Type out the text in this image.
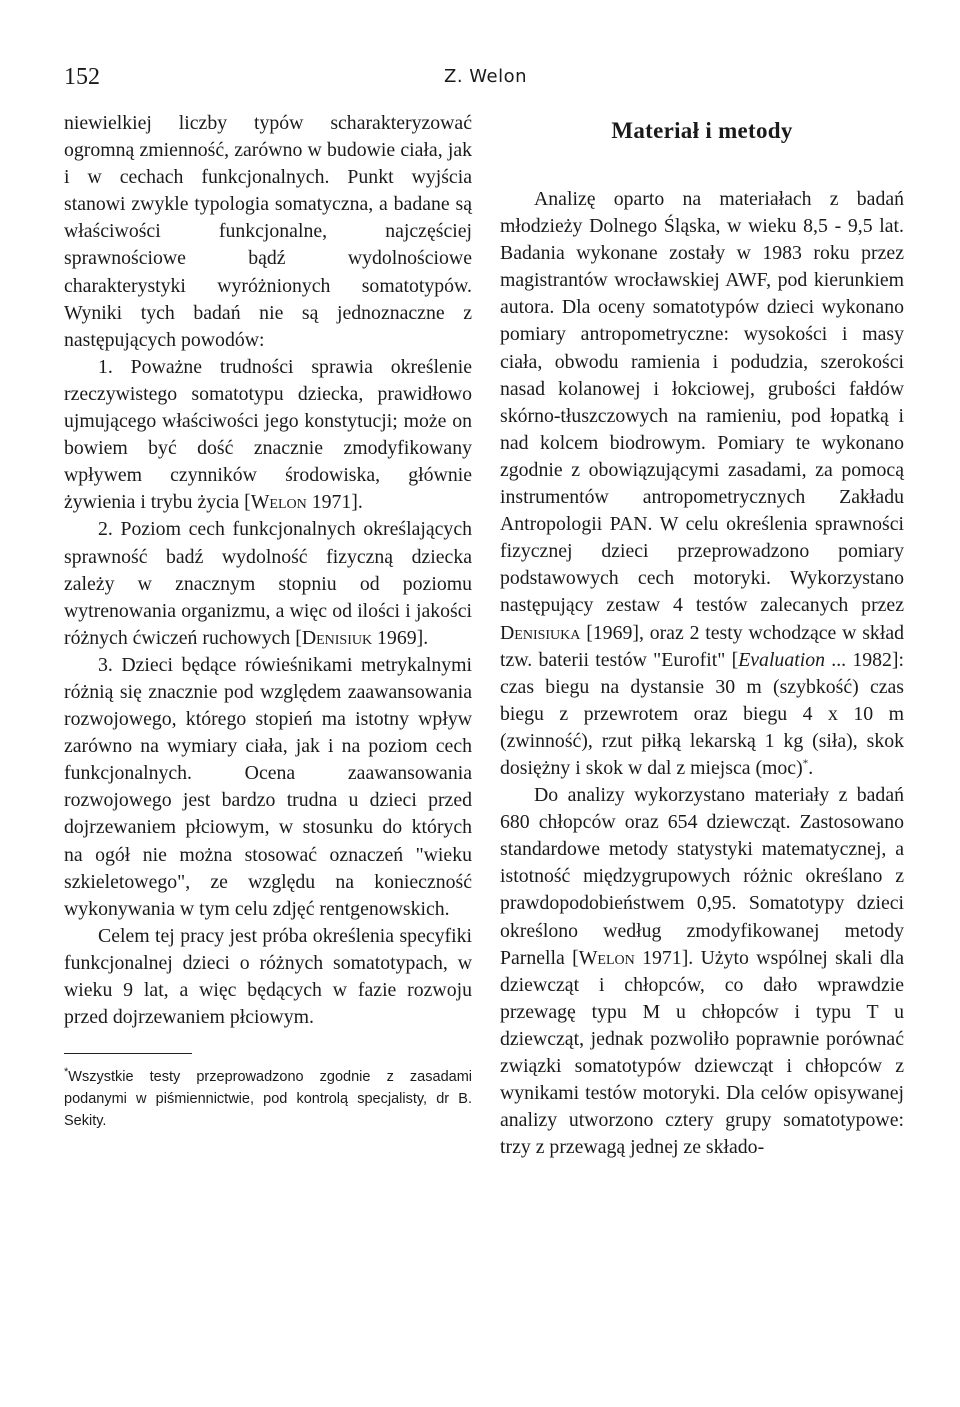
152	Z. Welon

niewielkiej liczby typów scharakteryzować ogromną zmienność, zarówno w budowie ciała, jak i w cechach funkcjonalnych. Punkt wyjścia stanowi zwykle typologia somatyczna, a badane są właściwości funkcjonalne, najczęściej sprawnościowe bądź wydolnościowe charakterystyki wyróżnionych somatotypów. Wyniki tych badań nie są jednoznaczne z następujących powodów:

1. Poważne trudności sprawia określenie rzeczywistego somatotypu dziecka, prawidłowo ujmującego właściwości jego konstytucji; może on bowiem być dość znacznie zmodyfikowany wpływem czynników środowiska, głównie żywienia i trybu życia [Welon 1971].

2. Poziom cech funkcjonalnych określających sprawność badź wydolność fizyczną dziecka zależy w znacznym stopniu od poziomu wytrenowania organizmu, a więc od ilości i jakości różnych ćwiczeń ruchowych [Denisiuk 1969].

3. Dzieci będące rówieśnikami metrykalnymi różnią się znacznie pod względem zaawansowania rozwojowego, którego stopień ma istotny wpływ zarówno na wymiary ciała, jak i na poziom cech funkcjonalnych. Ocena zaawansowania rozwojowego jest bardzo trudna u dzieci przed dojrzewaniem płciowym, w stosunku do których na ogół nie można stosować oznaczeń "wieku szkieletowego", ze względu na konieczność wykonywania w tym celu zdjęć rentgenowskich.

Celem tej pracy jest próba określenia specyfiki funkcjonalnej dzieci o różnych somatotypach, w wieku 9 lat, a więc będących w fazie rozwoju przed dojrzewaniem płciowym.

*Wszystkie testy przeprowadzono zgodnie z zasadami podanymi w piśmiennictwie, pod kontrolą specjalisty, dr B. Sekity.

Materiał i metody

Analizę oparto na materiałach z badań młodzieży Dolnego Śląska, w wieku 8,5 - 9,5 lat. Badania wykonane zostały w 1983 roku przez magistrantów wrocławskiej AWF, pod kierunkiem autora. Dla oceny somatotypów dzieci wykonano pomiary antropometryczne: wysokości i masy ciała, obwodu ramienia i podudzia, szerokości nasad kolanowej i łokciowej, grubości fałdów skórno-tłuszczowych na ramieniu, pod łopatką i nad kolcem biodrowym. Pomiary te wykonano zgodnie z obowiązującymi zasadami, za pomocą instrumentów antropometrycznych Zakładu Antropologii PAN. W celu określenia sprawności fizycznej dzieci przeprowadzono pomiary podstawowych cech motoryki. Wykorzystano następujący zestaw 4 testów zalecanych przez Denisiuka [1969], oraz 2 testy wchodzące w skład tzw. baterii testów "Eurofit" [Evaluation ... 1982]: czas biegu na dystansie 30 m (szybkość) czas biegu z przewrotem oraz biegu 4 x 10 m (zwinność), rzut piłką lekarską 1 kg (siła), skok dosiężny i skok w dal z miejsca (moc)*.

Do analizy wykorzystano materiały z badań 680 chłopców oraz 654 dziewcząt. Zastosowano standardowe metody statystyki matematycznej, a istotność międzygrupowych różnic określano z prawdopodobieństwem 0,95. Somatotypy dzieci określono według zmodyfikowanej metody Parnella [Welon 1971]. Użyto wspólnej skali dla dziewcząt i chłopców, co dało wprawdzie przewagę typu M u chłopców i typu T u dziewcząt, jednak pozwoliło poprawnie porównać związki somatotypów dziewcząt i chłopców z wynikami testów motoryki. Dla celów opisywanej analizy utworzono cztery grupy somatotypowe: trzy z przewagą jednej ze składo-
